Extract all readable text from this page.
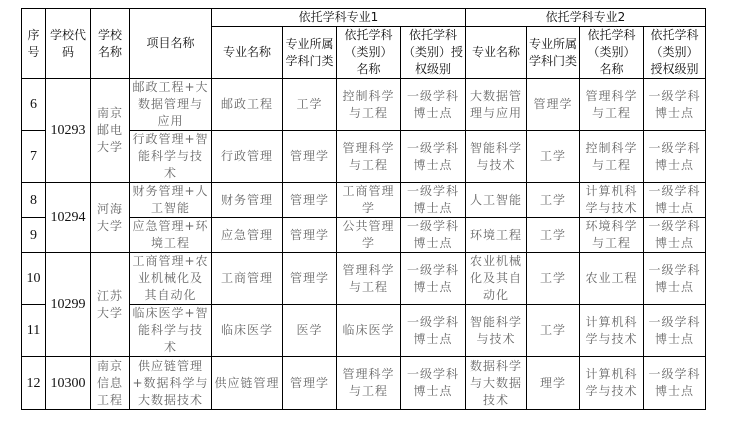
序号	学校代码	学校名称	项目名称	依托学科专业1				依托学科专业2			
				专业名称	专业所属学科门类	依托学科（类别）名称	依托学科（类别）授权级别	专业名称	专业所属学科门类	依托学科（类别）名称	依托学科（类别）授权级别
6	10293	南京邮电大学	邮政工程+大数据管理与应用	邮政工程	工学	控制科学与工程	一级学科博士点	大数据管理与应用	管理学	管理科学与工程	一级学科博士点
7			行政管理+智能科学与技术	行政管理	管理学	管理科学与工程	一级学科博士点	智能科学与技术	工学	控制科学与工程	一级学科博士点
8	10294	河海大学	财务管理+人工智能	财务管理	管理学	工商管理学	一级学科博士点	人工智能	工学	计算机科学与技术	一级学科博士点
9			应急管理+环境工程	应急管理	管理学	公共管理学	一级学科博士点	环境工程	工学	环境科学与工程	一级学科博士点
10	10299	江苏大学	工商管理+农业机械化及其自动化	工商管理	管理学	管理科学与工程	一级学科博士点	农业机械化及其自动化	工学	农业工程	一级学科博士点
11			临床医学+智能科学与技术	临床医学	医学	临床医学	一级学科博士点	智能科学与技术	工学	计算机科学与技术	一级学科博士点
12	10300	南京信息工程	供应链管理+数据科学与大数据技术	供应链管理	管理学	管理科学与工程	一级学科博士点	数据科学与大数据技术	理学	计算机科学与技术	一级学科博士点
